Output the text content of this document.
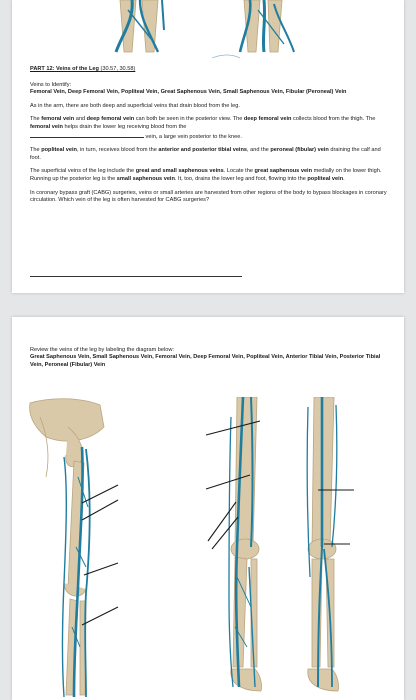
PART 12: Veins of the Leg (30.57, 30.58)

Veins to Identify:
Femoral Vein, Deep Femoral Vein, Popliteal Vein, Great Saphenous Vein, Small Saphenous Vein, Fibular (Peroneal) Vein

As in the arm, there are both deep and superficial veins that drain blood from the leg.

The femoral vein and deep femoral vein can both be seen in the posterior view. The deep femoral vein collects blood from the thigh. The femoral vein helps drain the lower leg receiving blood from the
vein, a large vein posterior to the knee.

The popliteal vein, in turn, receives blood from the anterior and posterior tibial veins, and the peroneal (fibular) vein draining the calf and foot.

The superficial veins of the leg include the great and small saphenous veins. Locate the great saphenous vein medially on the lower thigh. Running up the posterior leg is the small saphenous vein. It, too, drains the lower leg and foot, flowing into the popliteal vein.

In coronary bypass graft (CABG) surgeries, veins or small arteries are harvested from other regions of the body to bypass blockages in coronary circulation. Which vein of the leg is often harvested for CABG surgeries?

Review the veins of the leg by labeling the diagram below:

Great Saphenous Vein, Small Saphenous Vein, Femoral Vein, Deep Femoral Vein, Popliteal Vein, Anterior Tibial Vein, Posterior Tibial Vein, Peroneal (Fibular) Vein
